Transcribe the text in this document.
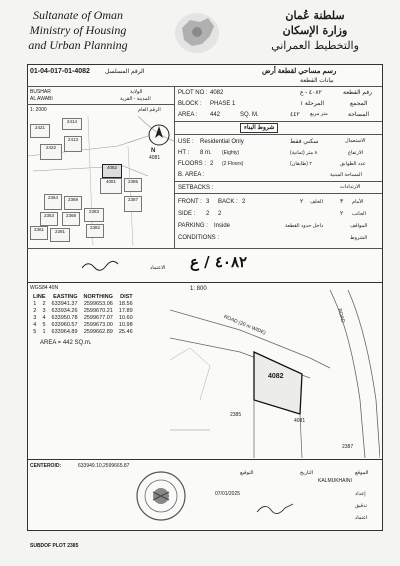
Sultanate of Oman
Ministry of Housing
and Urban Planning
سلطنة عُمان
وزارة الإسكان
والتخطيط العمراني
01-04-017-01-4082	الرقم المسلسل	رسم مساحي لقطعة أرض
بيانات القطعة
BUSHAR	الولاية
AL AWABI	المدينة - القرية
1: 2000	الرقم العام
2421
2414
2413
2422
2364	2369
2363	2368
2361	2391
2383
2382
4081	2385
2387
4082
N
4081
PLOT NO : 4082	٤٠٨٢ - ع	رقم القطعة
BLOCK : PHASE 1	المرحلة ١	المجمع
AREA : 442	SQ. M.	٤٤٢ متر مربع	المساحة
شروط البناء
USE : Residential Only	سكني فقط	الاستعمال
HT : 8 m. (Eighty)	٨ متر (ثمانية)	الارتفاع
FLOORS : 2 (2 Floors)	٢ (طابقان)	عدد الطوابق
B. AREA :	المساحة المبنية
SETBACKS :	الارتدادات
FRONT : 3 BACK : 2	٢ الخلف	٣ الأمام
SIDE : 2 2	٢ الجانب
PARKING : Inside	داخل حدود القطعة	المواقف
CONDITIONS :	الشروط
الاعتماد ٤٠٨٢ / ع
WGS84 40N	1: 800
LINE		EASTING	NORTHING	DIST
1	2	633941.37	2599653.06	18.56
2	3	633934.26	2599670.21	17.89
3	4	633950.78	2599677.07	10.60
4	5	633960.57	2599673.00	10.98
5	1	633964.89	2599662.89	25.46
AREA = 442 SQ.m.
ROAD (20 m WIDE)	ROAD
4082
4081
2385
2387
CENTEROID:	633949.10,2599665.87
التوقيع	التاريخ	الموقع
KALMUKHAINI
07/01/2025	إعداد
تدقيق
اعتماد
SUBDOF PLOT 2385
